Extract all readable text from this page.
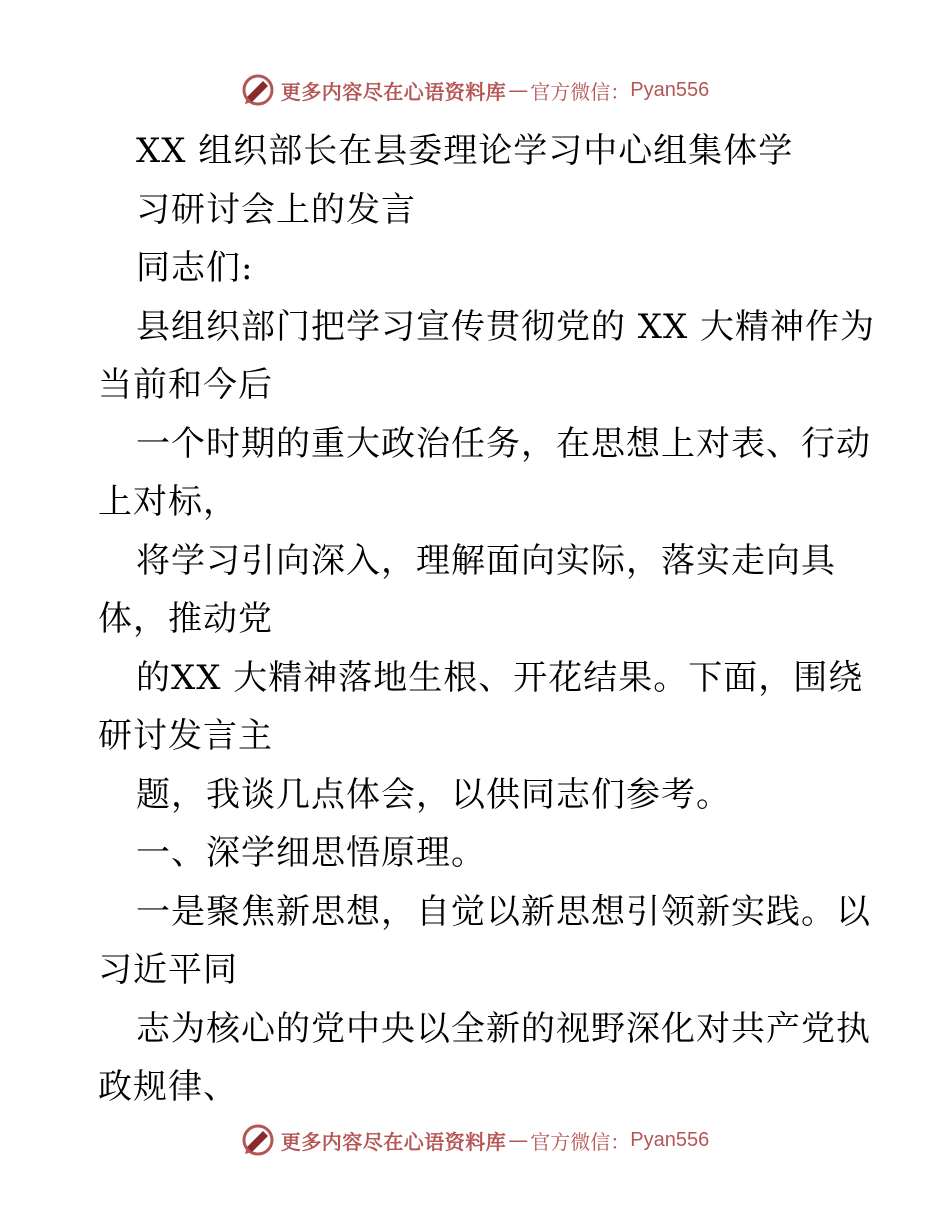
更多内容尽在心语资料库 — 官方微信： Pyan556
XX 组织部长在县委理论学习中心组集体学
习研讨会上的发言
同志们:
县组织部门把学习宣传贯彻党的 XX 大精神作为
当前和今后
一个时期的重大政治任务，在思想上对表、行动
上对标，
将学习引向深入，理解面向实际，落实走向具
体，推动党
的XX 大精神落地生根、开花结果。下面，围绕
研讨发言主
题，我谈几点体会，以供同志们参考。
一、深学细思悟原理。
一是聚焦新思想，自觉以新思想引领新实践。以
习近平同
志为核心的党中央以全新的视野深化对共产党执
政规律、
更多内容尽在心语资料库 — 官方微信： Pyan556
